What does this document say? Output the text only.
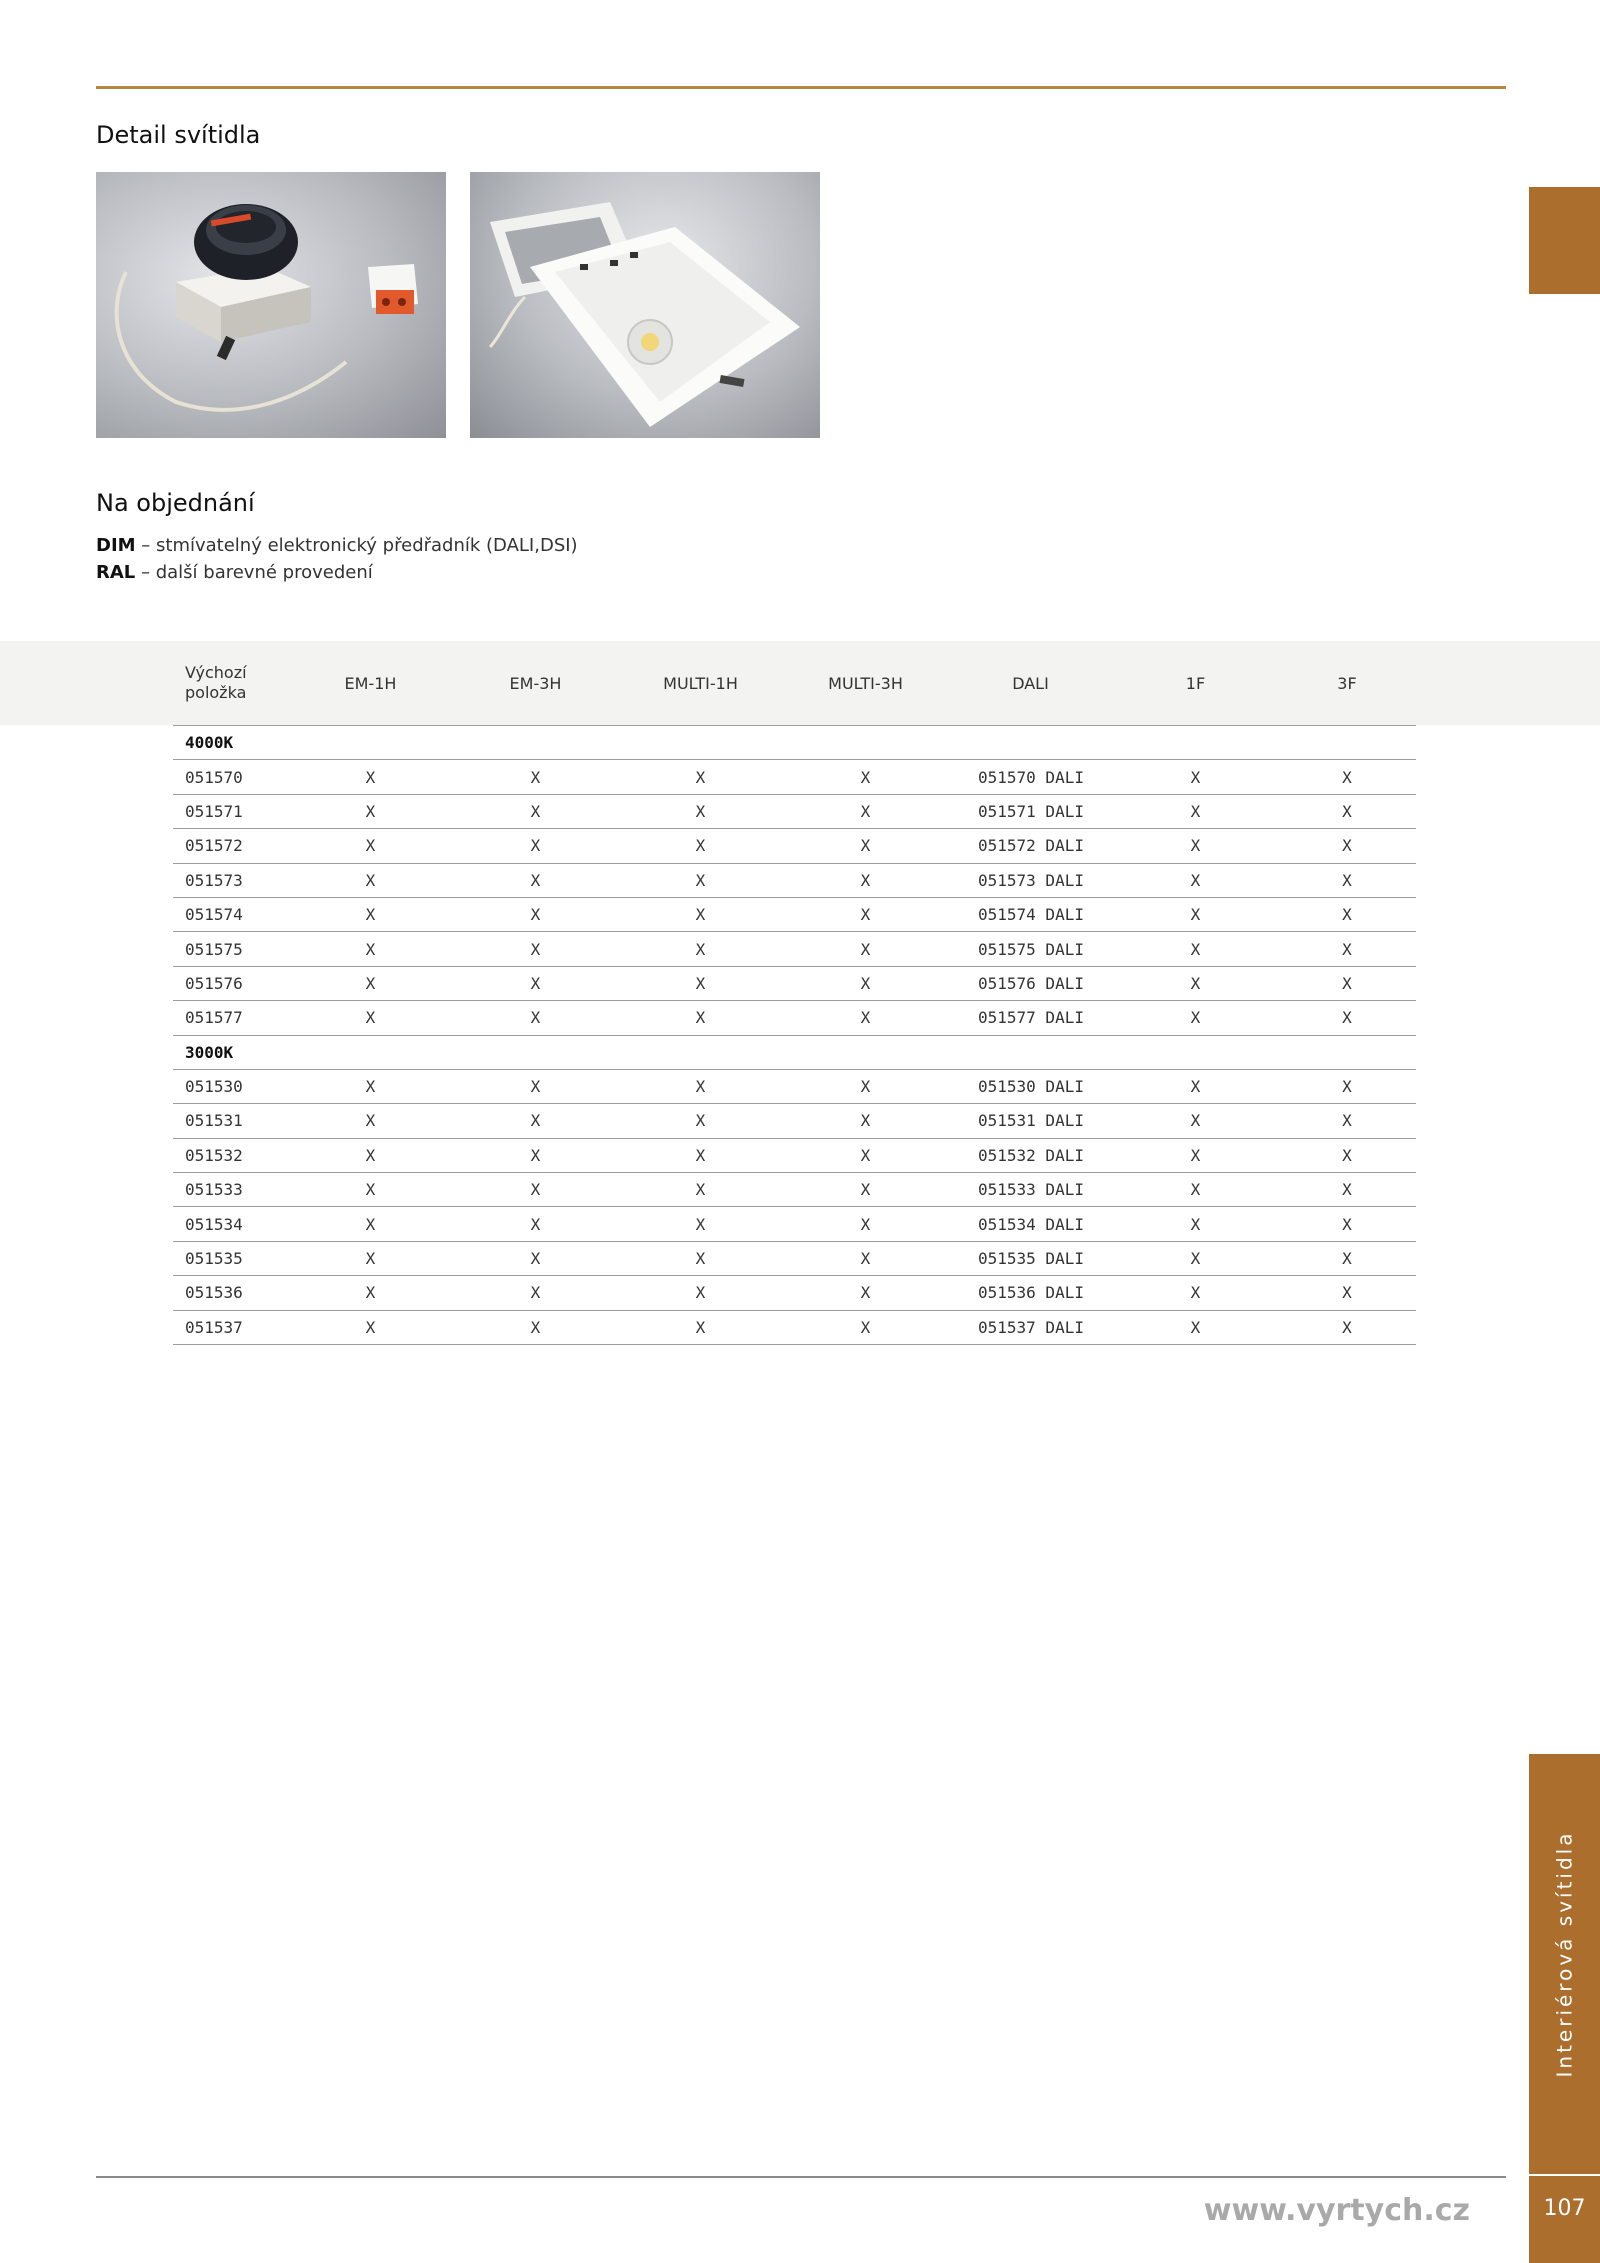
Detail svítidla
Na objednání
DIM – stmívatelný elektronický předřadník (DALI,DSI)
RAL – další barevné provedení
Výchozí
položka	EM-1H	EM-3H	MULTI-1H	MULTI-3H	DALI	1F	3F
4000K							
051570	X	X	X	X	051570 DALI	X	X
051571	X	X	X	X	051571 DALI	X	X
051572	X	X	X	X	051572 DALI	X	X
051573	X	X	X	X	051573 DALI	X	X
051574	X	X	X	X	051574 DALI	X	X
051575	X	X	X	X	051575 DALI	X	X
051576	X	X	X	X	051576 DALI	X	X
051577	X	X	X	X	051577 DALI	X	X
3000K							
051530	X	X	X	X	051530 DALI	X	X
051531	X	X	X	X	051531 DALI	X	X
051532	X	X	X	X	051532 DALI	X	X
051533	X	X	X	X	051533 DALI	X	X
051534	X	X	X	X	051534 DALI	X	X
051535	X	X	X	X	051535 DALI	X	X
051536	X	X	X	X	051536 DALI	X	X
051537	X	X	X	X	051537 DALI	X	X
Interiérová svítidla
www.vyrtych.cz	107
